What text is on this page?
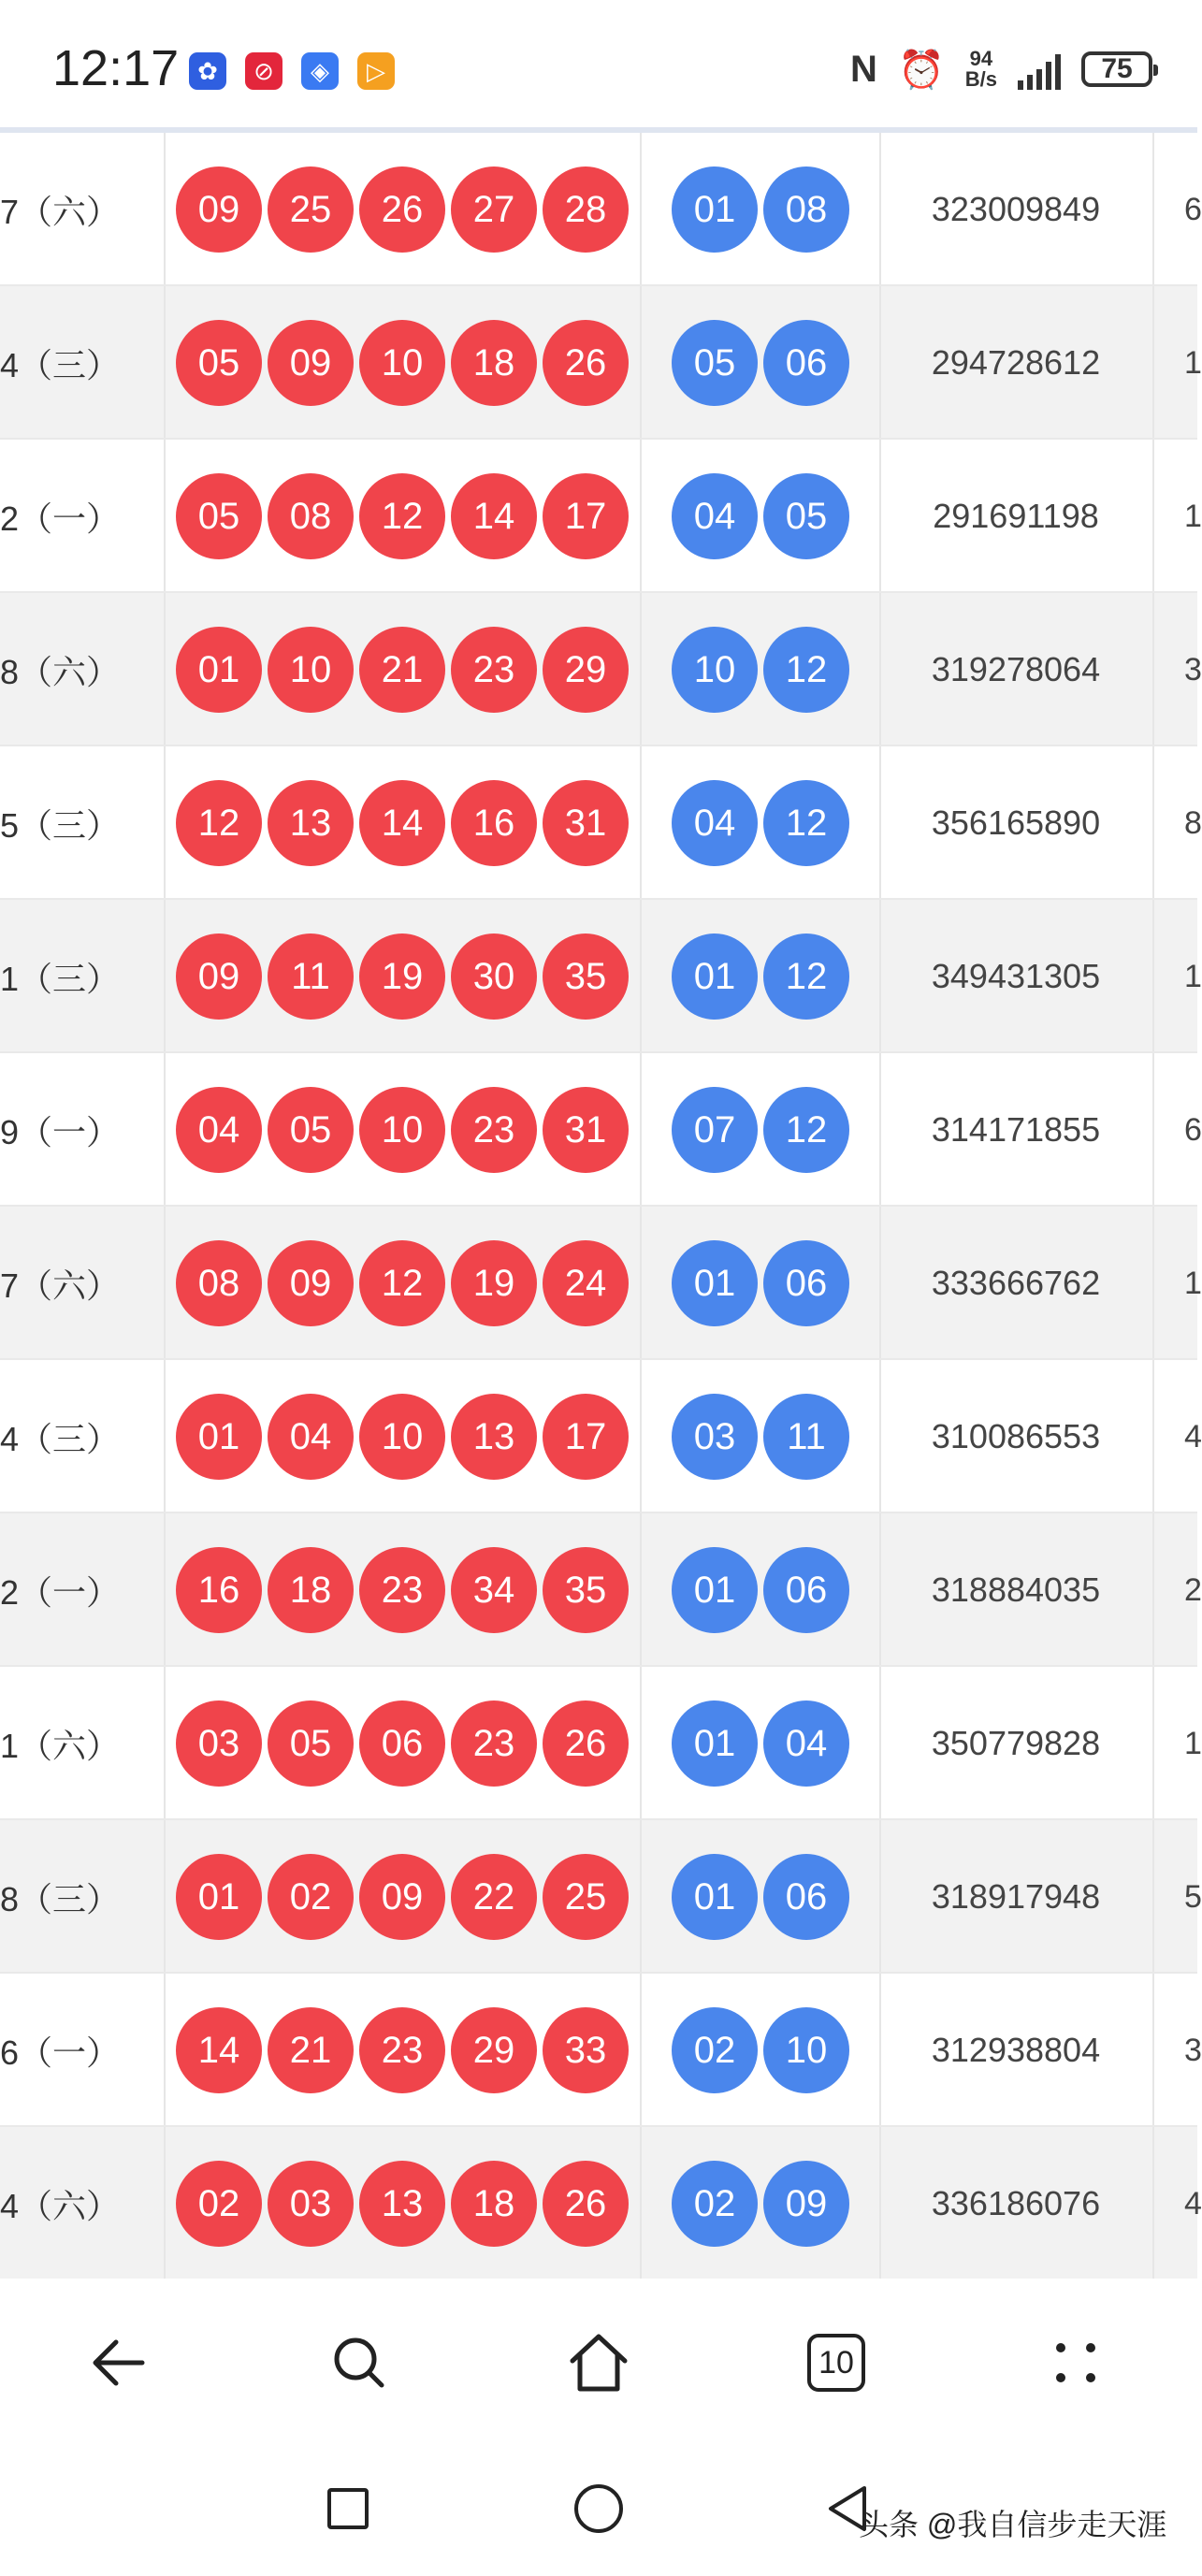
12:17 ✿	⊘	◈	▷	N ⏰ 94
B/s	75
7（六）	09	25	26	27	28	01	08	323009849	6
4（三）	05	09	10	18	26	05	06	294728612	1
2（一）	05	08	12	14	17	04	05	291691198	1
8（六）	01	10	21	23	29	10	12	319278064	3
5（三）	12	13	14	16	31	04	12	356165890	8
1（三）	09	11	19	30	35	01	12	349431305	1
9（一）	04	05	10	23	31	07	12	314171855	6
7（六）	08	09	12	19	24	01	06	333666762	1
4（三）	01	04	10	13	17	03	11	310086553	4
2（一）	16	18	23	34	35	01	06	318884035	2
1（六）	03	05	06	23	26	01	04	350779828	1
8（三）	01	02	09	22	25	01	06	318917948	5
6（一）	14	21	23	29	33	02	10	312938804	3
4（六）	02	03	13	18	26	02	09	336186076	4
10
头条 @我自信步走天涯
